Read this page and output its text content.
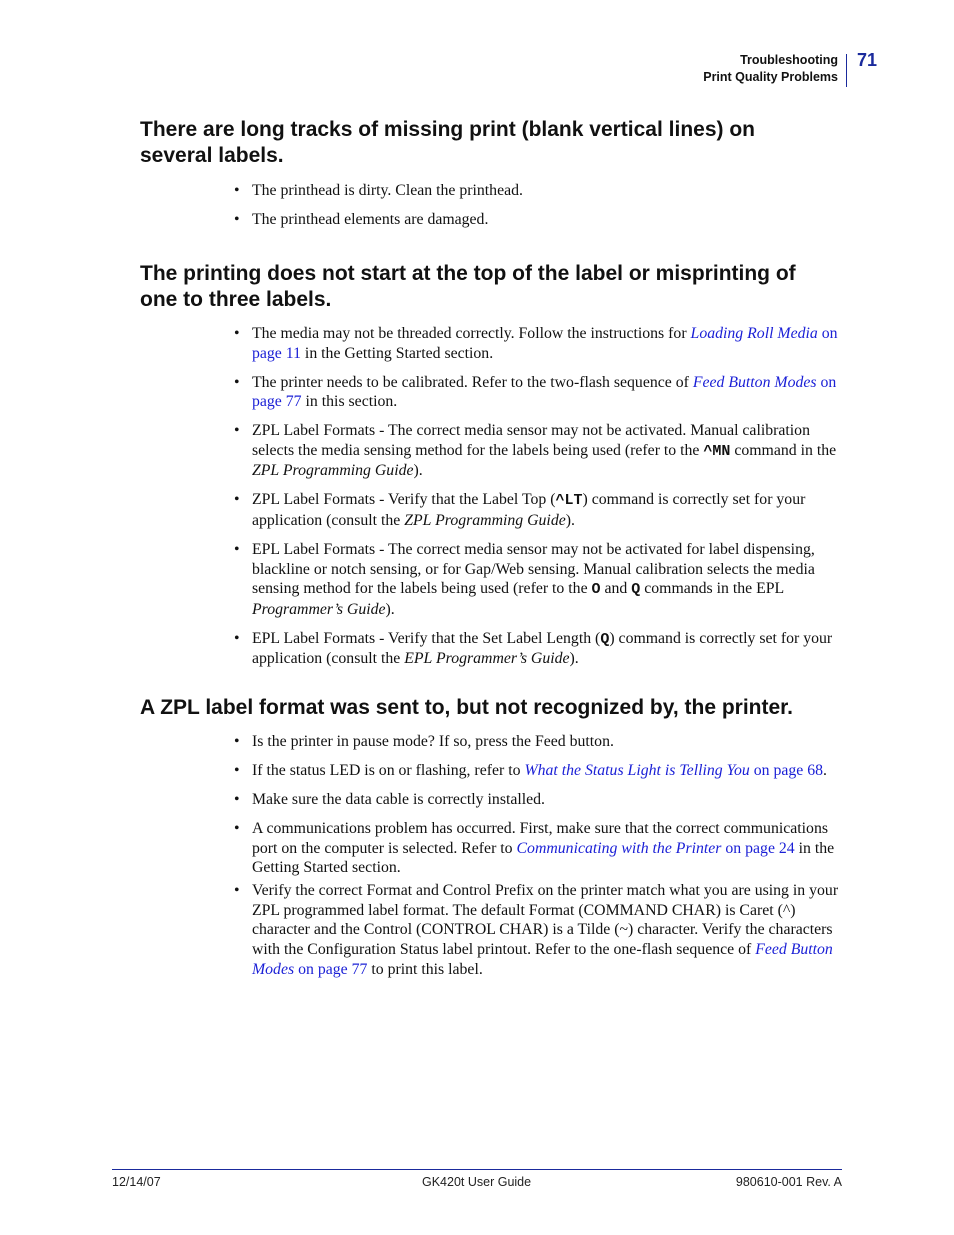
Troubleshooting
Print Quality Problems
71
There are long tracks of missing print (blank vertical lines) on
several labels.
• The printhead is dirty. Clean the printhead.
• The printhead elements are damaged.
The printing does not start at the top of the label or misprinting of
one to three labels.
• The media may not be threaded correctly. Follow the instructions for Loading Roll Media on page 11 in the Getting Started section.
• The printer needs to be calibrated. Refer to the two-flash sequence of Feed Button Modes on page 77 in this section.
• ZPL Label Formats - The correct media sensor may not be activated. Manual calibration selects the media sensing method for the labels being used (refer to the ^MN command in the ZPL Programming Guide).
• ZPL Label Formats - Verify that the Label Top (^LT) command is correctly set for your application (consult the ZPL Programming Guide).
• EPL Label Formats - The correct media sensor may not be activated for label dispensing, blackline or notch sensing, or for Gap/Web sensing. Manual calibration selects the media sensing method for the labels being used (refer to the O and Q commands in the EPL Programmer’s Guide).
• EPL Label Formats - Verify that the Set Label Length (Q) command is correctly set for your application (consult the EPL Programmer’s Guide).
A ZPL label format was sent to, but not recognized by, the printer.
• Is the printer in pause mode? If so, press the Feed button.
• If the status LED is on or flashing, refer to What the Status Light is Telling You on page 68.
• Make sure the data cable is correctly installed.
• A communications problem has occurred. First, make sure that the correct communications port on the computer is selected. Refer to Communicating with the Printer on page 24 in the Getting Started section.
• Verify the correct Format and Control Prefix on the printer match what you are using in your ZPL programmed label format. The default Format (COMMAND CHAR) is Caret (^) character and the Control (CONTROL CHAR) is a Tilde (~) character. Verify the characters with the Configuration Status label printout. Refer to the one-flash sequence of Feed Button Modes on page 77 to print this label.
12/14/07	GK420t User Guide	980610-001 Rev. A
